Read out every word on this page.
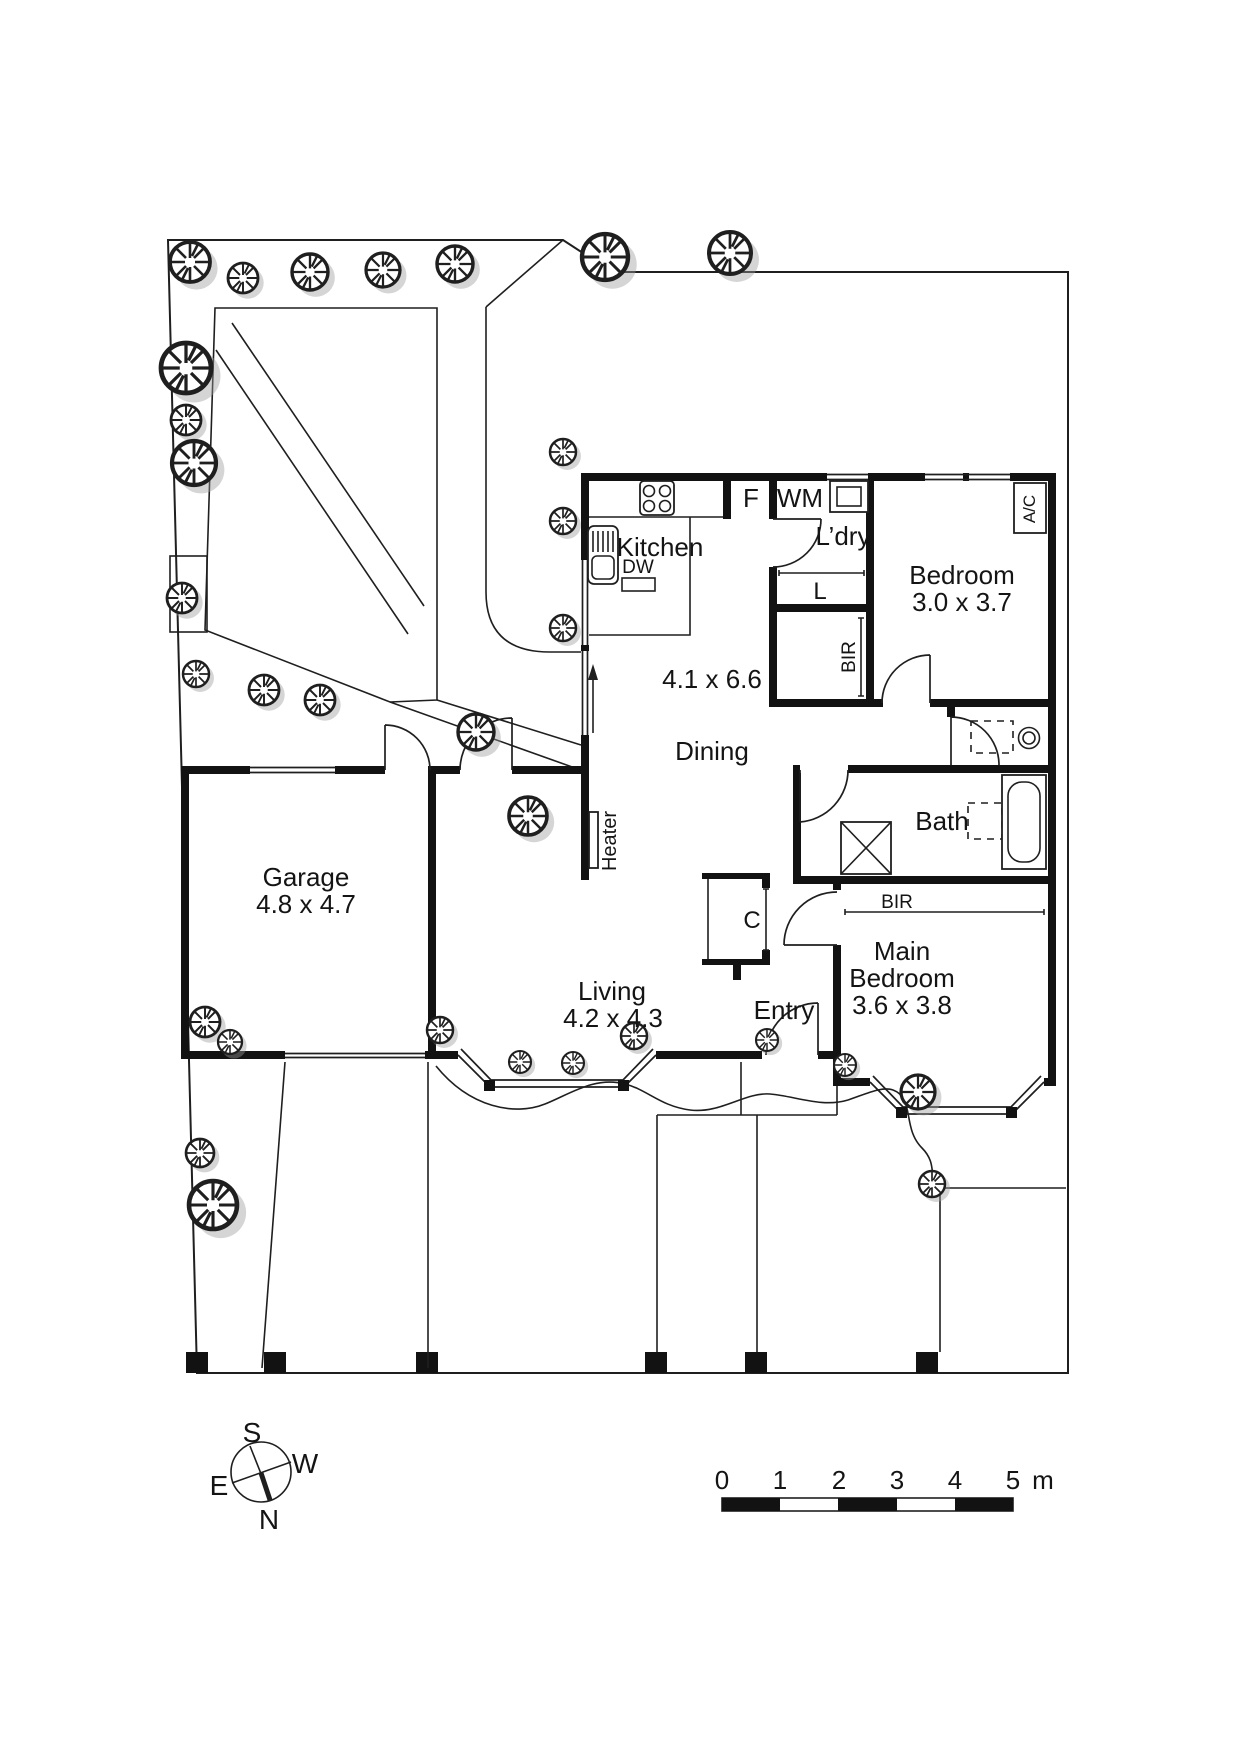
Kitchen
F WM
DW
L’dry
L
Bedroom
3.0 x 3.7
A/C
BIR
4.1 x 6.6
Dining
Heater	Bath
BIR
Main
Bedroom
3.6 x 3.8
C
Entry
Living
4.2 x 4.3
Garage
4.8 x 4.7
S
W
E
N
0 1 2 3 4 5 m
